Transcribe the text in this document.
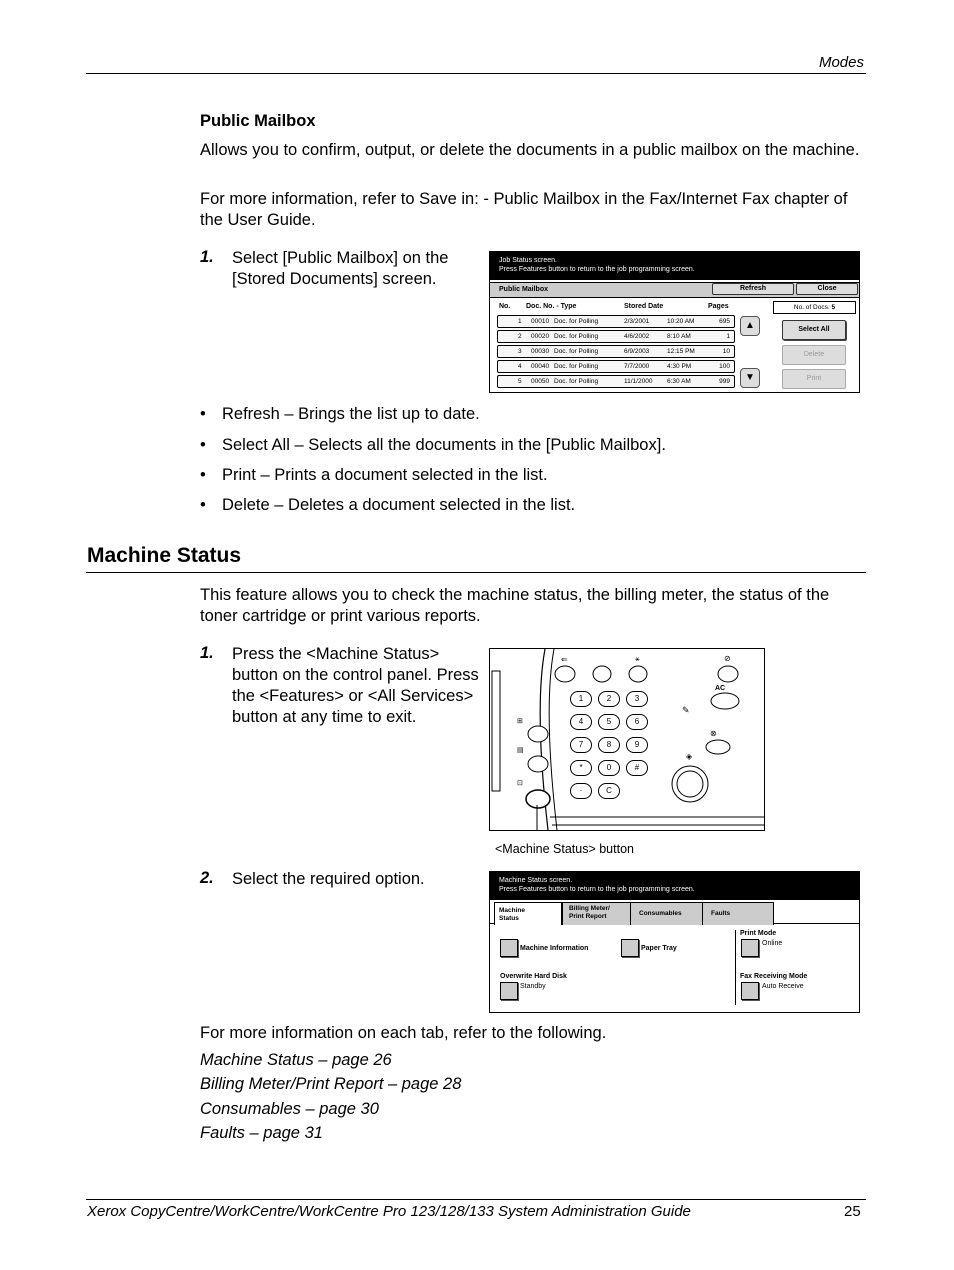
Modes
Public Mailbox
Allows you to confirm, output, or delete the documents in a public mailbox on the machine.
For more information, refer to Save in: - Public Mailbox in the Fax/Internet Fax chapter of the User Guide.
1. Select [Public Mailbox] on the [Stored Documents] screen.
Job Status screen.
Press Features button to return to the job programming screen.
Public Mailbox	Refresh	Close
No. Doc. No. - Type	Stored Date	Pages
1 00010 Doc. for Polling	2/3/2001	10:20 AM	695
2 00020 Doc. for Polling	4/6/2002	8:10 AM	1
3 00030 Doc. for Polling	6/9/2003	12:15 PM	10
4 00040 Doc. for Polling	7/7/2000	4:30 PM	100
5 00050 Doc. for Polling	11/1/2000 6:30 AM	999
▲
▼
No. of Docs. 5
Select All
Delete
Print
• Refresh – Brings the list up to date.
• Select All – Selects all the documents in the [Public Mailbox].
• Print – Prints a document selected in the list.
• Delete – Deletes a document selected in the list.
Machine Status
This feature allows you to check the machine status, the billing meter, the status of the toner cartridge or print various reports.
1. Press the <Machine Status> button on the control panel. Press the <Features> or <All Services> button at any time to exit.
⇐	⚹	⊘
AC
⊞
▤
⊡
✎
⊗
◈
1	2	3
4	5	6
7	8	9
*	0	#
·	C
<Machine Status> button
2. Select the required option.	Machine Status screen.
Press Features button to return to the job programming screen.
Machine
Status
Billing Meter/
Print Report	Consumables	Faults
Machine Information	Paper Tray
Print Mode
Online
Overwrite Hard Disk
Standby
Fax Receiving Mode
Auto Receive
For more information on each tab, refer to the following.
Machine Status – page 26
Billing Meter/Print Report – page 28
Consumables – page 30
Faults – page 31
Xerox CopyCentre/WorkCentre/WorkCentre Pro 123/128/133 System Administration Guide	25
